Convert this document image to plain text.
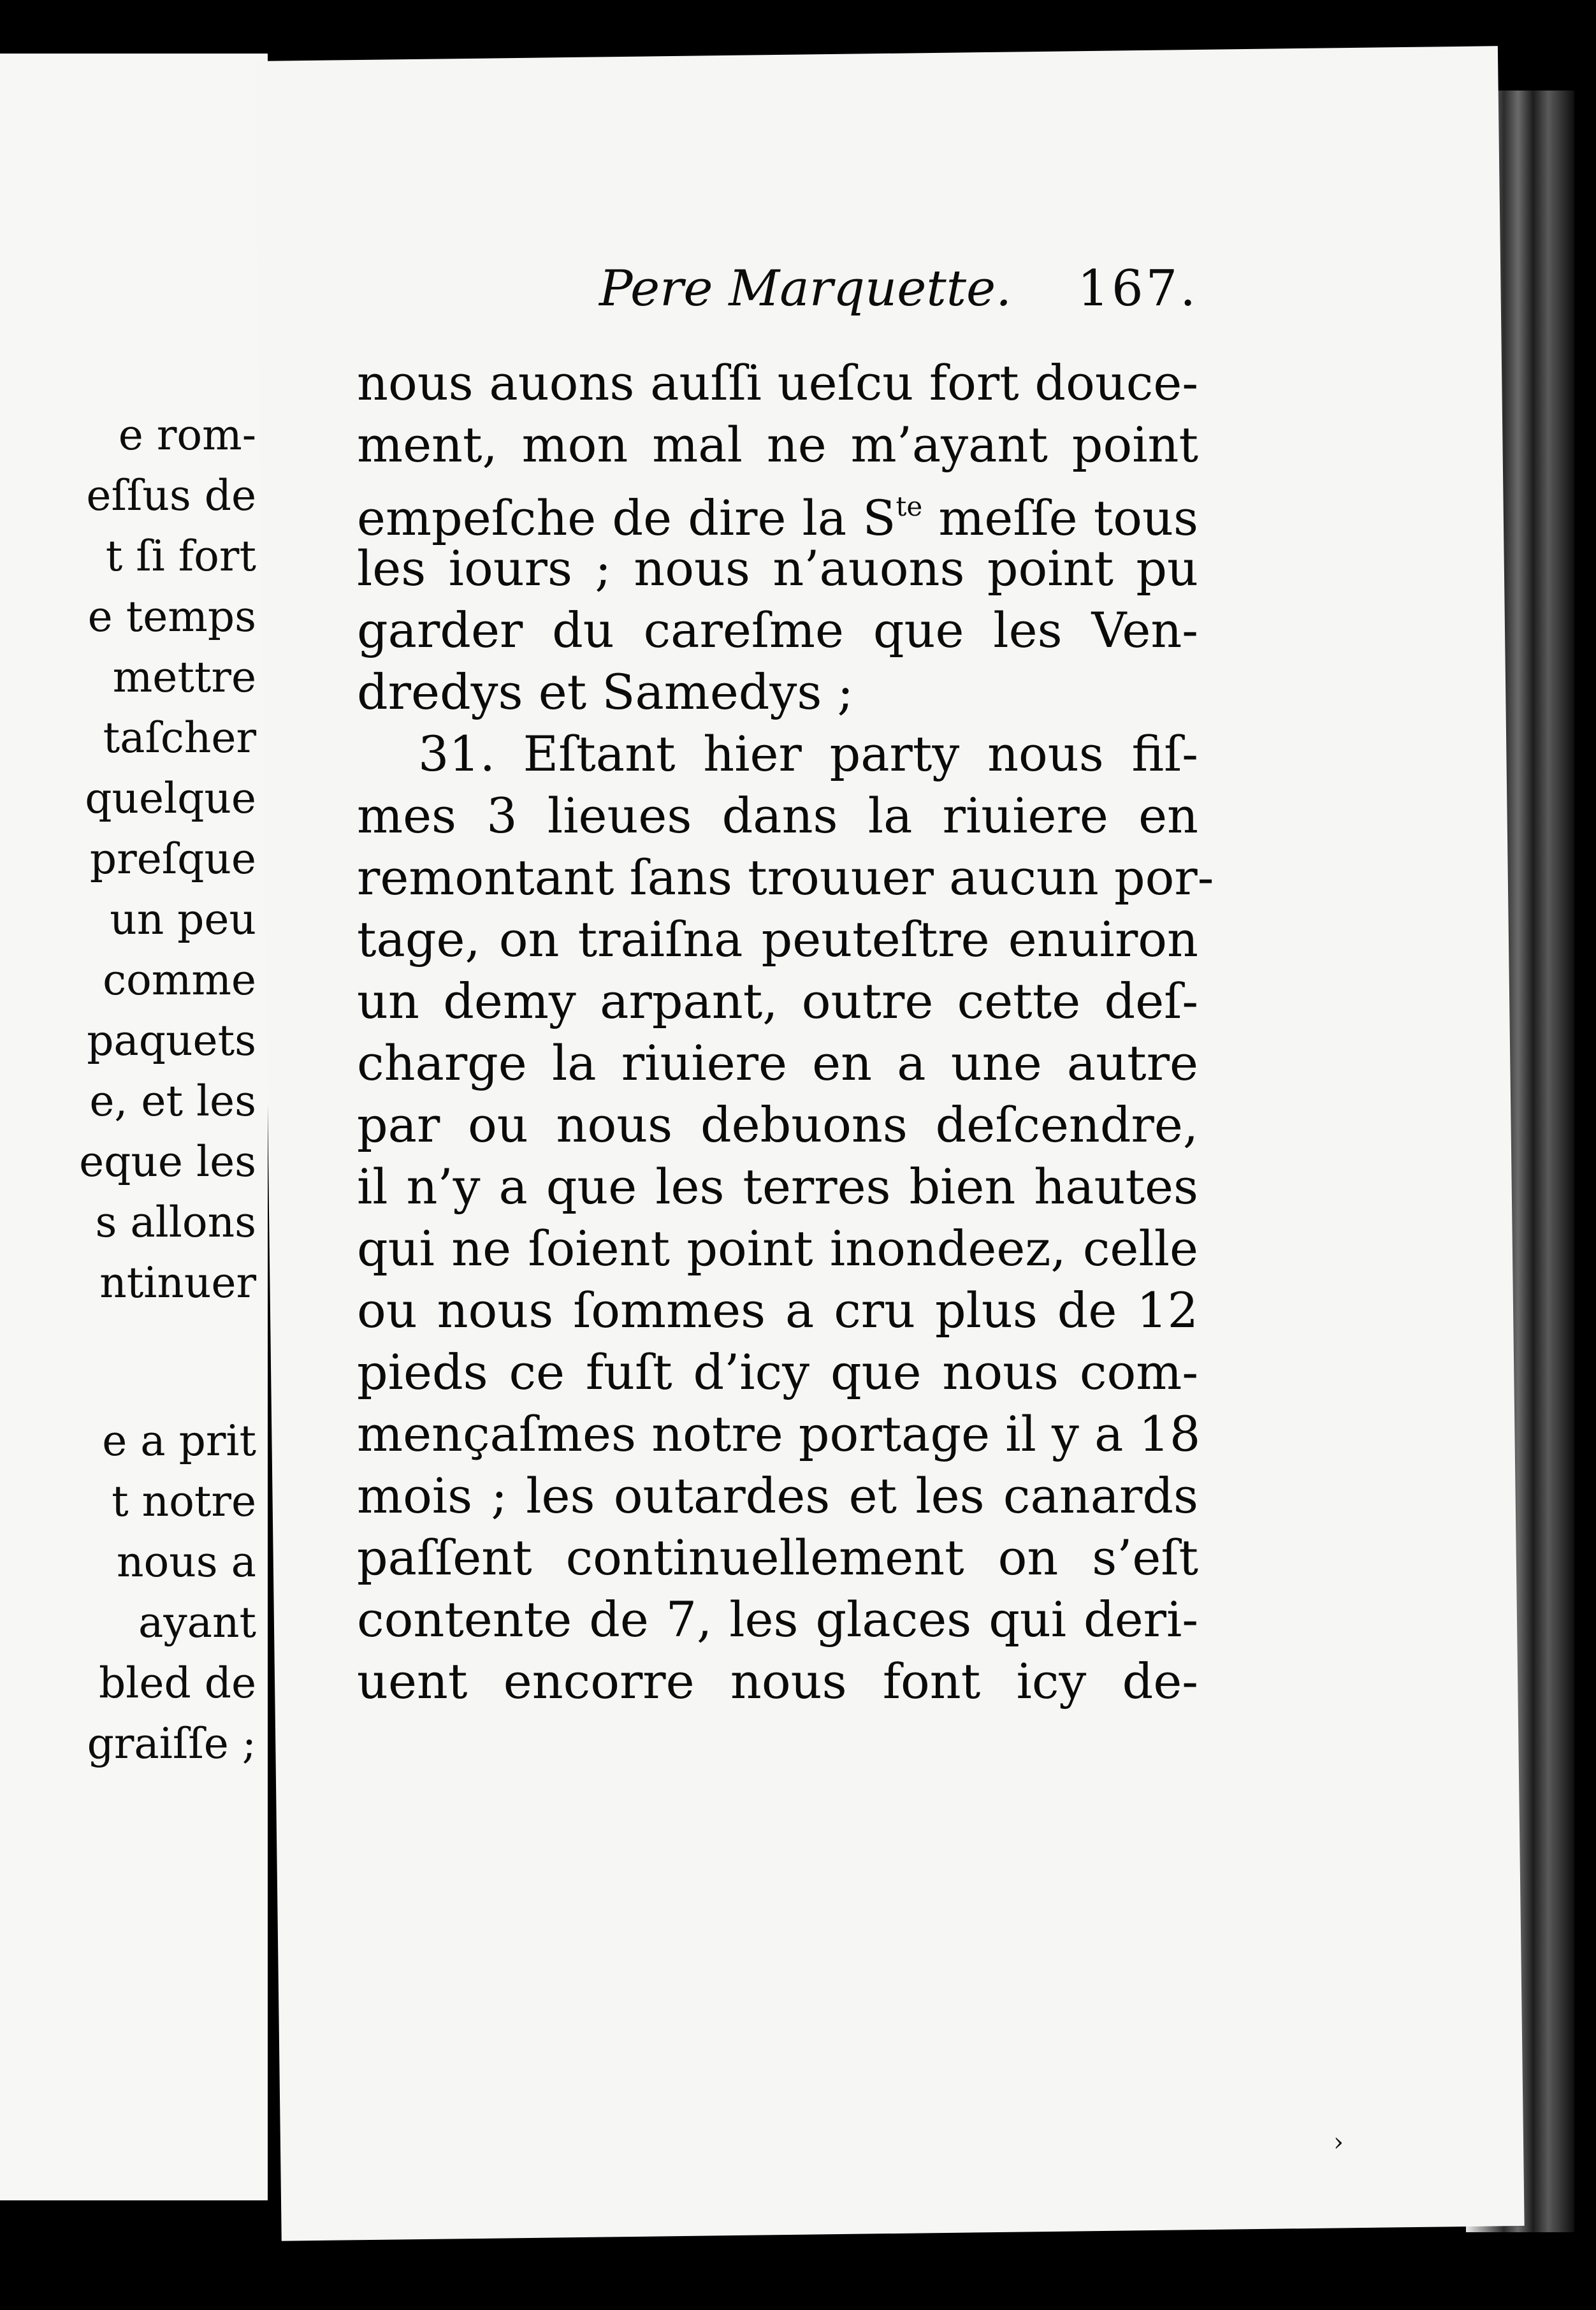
e rom-
eſſus de
t ſi fort
e temps
mettre
taſcher
quelque
preſque
un peu
comme
paquets
e, et les
eque les
s allons
ntinuer
e a prit
t notre
nous a
ayant
bled de
graiſſe ;
Pere Marquette. 167.
nous auons auſſi ueſcu fort douce-
ment, mon mal ne m’ayant point
empeſche de dire la $S^{te}$ meſſe tous
les iours ; nous n’auons point pu
garder du careſme que les Ven-
dredys et Samedys ;
31. Eſtant hier party nous fiſ-
mes 3 lieues dans la riuiere en
remontant ſans trouuer aucun por-
tage, on traiſna peuteſtre enuiron
un demy arpant, outre cette deſ-
charge la riuiere en a une autre
par ou nous debuons deſcendre,
il n’y a que les terres bien hautes
qui ne ſoient point inondeez, celle
ou nous ſommes a cru plus de 12
pieds ce fuſt d’icy que nous com-
mençaſmes notre portage il y a 18
mois ; les outardes et les canards
paſſent continuellement on s’eſt
contente de 7, les glaces qui deri-
uent encorre nous font icy de-
›
